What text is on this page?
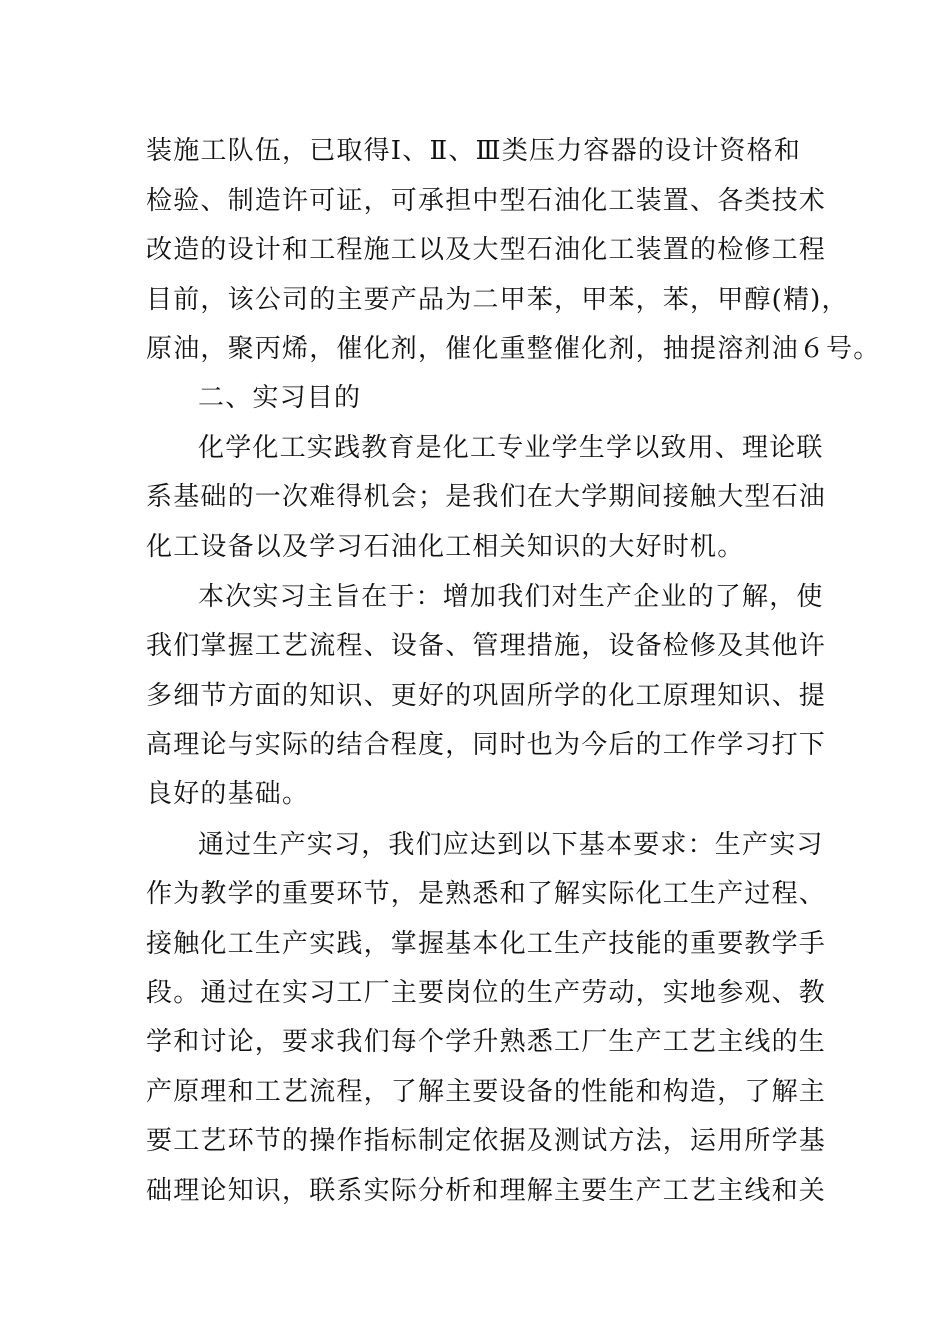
装施工队伍，已取得Ⅰ、Ⅱ、Ⅲ类压力容器的设计资格和
检验、制造许可证，可承担中型石油化工装置、各类技术
改造的设计和工程施工以及大型石油化工装置的检修工程
目前，该公司的主要产品为二甲苯，甲苯，苯，甲醇(精)，
原油，聚丙烯，催化剂，催化重整催化剂，抽提溶剂油６号。
二、实习目的
化学化工实践教育是化工专业学生学以致用、理论联
系基础的一次难得机会；是我们在大学期间接触大型石油
化工设备以及学习石油化工相关知识的大好时机。
本次实习主旨在于：增加我们对生产企业的了解，使
我们掌握工艺流程、设备、管理措施，设备检修及其他许
多细节方面的知识、更好的巩固所学的化工原理知识、提
高理论与实际的结合程度，同时也为今后的工作学习打下
良好的基础。
通过生产实习，我们应达到以下基本要求：生产实习
作为教学的重要环节，是熟悉和了解实际化工生产过程、
接触化工生产实践，掌握基本化工生产技能的重要教学手
段。通过在实习工厂主要岗位的生产劳动，实地参观、教
学和讨论，要求我们每个学升熟悉工厂生产工艺主线的生
产原理和工艺流程，了解主要设备的性能和构造，了解主
要工艺环节的操作指标制定依据及测试方法，运用所学基
础理论知识，联系实际分析和理解主要生产工艺主线和关
